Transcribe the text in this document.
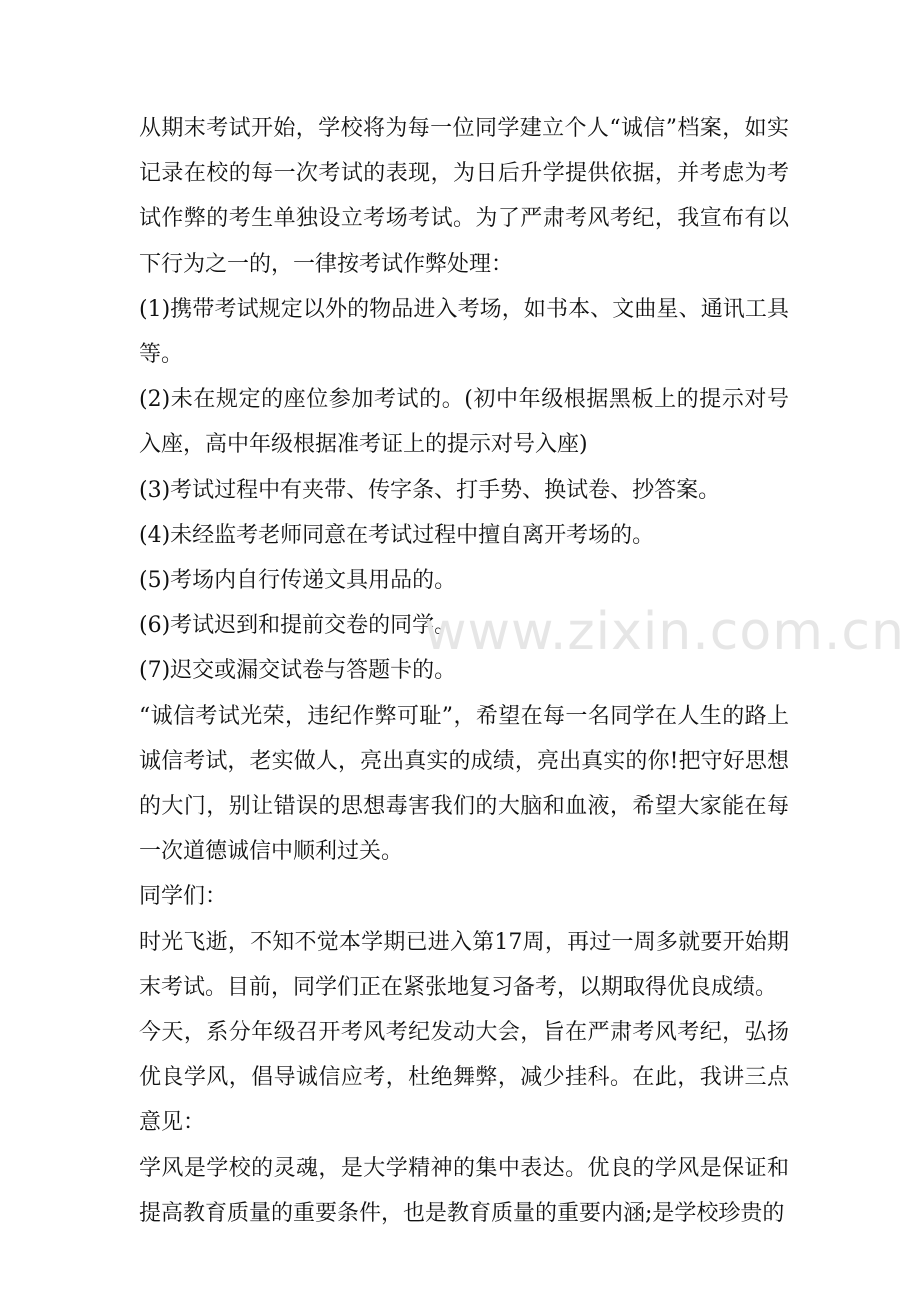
从期末考试开始，学校将为每一位同学建立个人“诚信”档案，如实记录在校的每一次考试的表现，为日后升学提供依据，并考虑为考试作弊的考生单独设立考场考试。为了严肃考风考纪，我宣布有以下行为之一的，一律按考试作弊处理：

(1)携带考试规定以外的物品进入考场，如书本、文曲星、通讯工具等。

(2)未在规定的座位参加考试的。(初中年级根据黑板上的提示对号入座，高中年级根据准考证上的提示对号入座)

(3)考试过程中有夹带、传字条、打手势、换试卷、抄答案。

(4)未经监考老师同意在考试过程中擅自离开考场的。

(5)考场内自行传递文具用品的。

(6)考试迟到和提前交卷的同学。

(7)迟交或漏交试卷与答题卡的。

“诚信考试光荣，违纪作弊可耻”，希望在每一名同学在人生的路上诚信考试，老实做人，亮出真实的成绩，亮出真实的你!把守好思想的大门，别让错误的思想毒害我们的大脑和血液，希望大家能在每一次道德诚信中顺利过关。

同学们：

时光飞逝，不知不觉本学期已进入第17周，再过一周多就要开始期末考试。目前，同学们正在紧张地复习备考，以期取得优良成绩。

今天，系分年级召开考风考纪发动大会，旨在严肃考风考纪，弘扬优良学风，倡导诚信应考，杜绝舞弊，减少挂科。在此，我讲三点意见：

学风是学校的灵魂，是大学精神的集中表达。优良的学风是保证和提高教育质量的重要条件，也是教育质量的重要内涵;是学校珍贵的

www.zixin.com.cn
